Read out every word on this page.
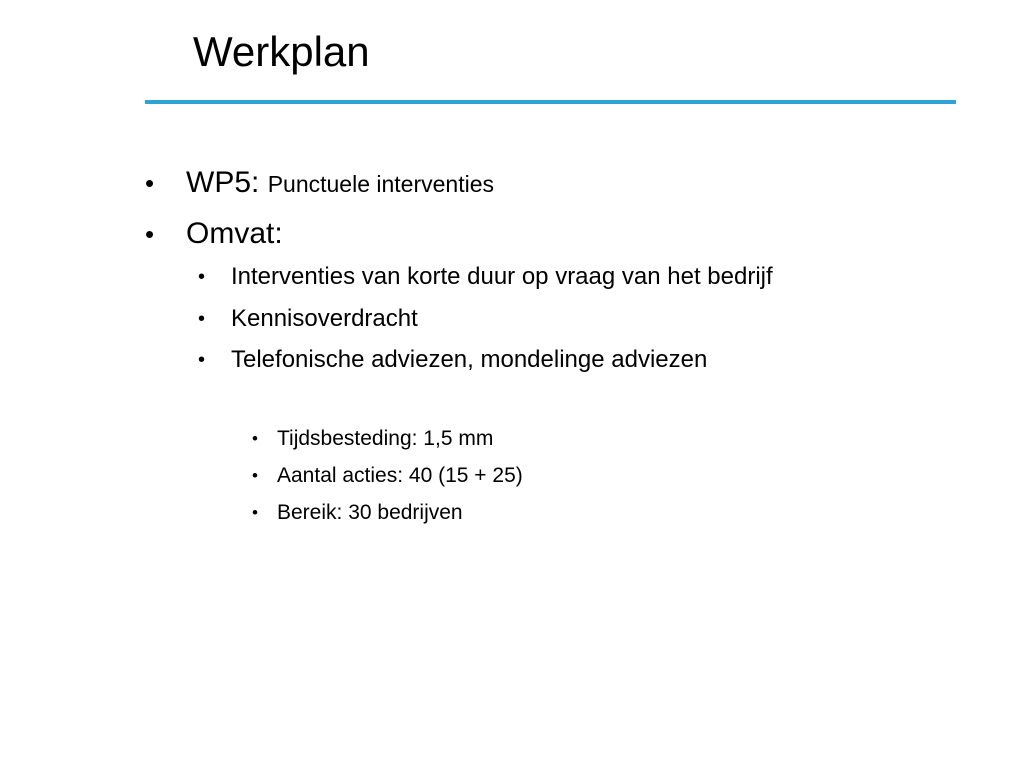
Werkplan
• WP5: Punctuele interventies
• Omvat:
• Interventies van korte duur op vraag van het bedrijf
• Kennisoverdracht
• Telefonische adviezen, mondelinge adviezen
• Tijdsbesteding: 1,5 mm
• Aantal acties: 40 (15 + 25)
• Bereik: 30 bedrijven
